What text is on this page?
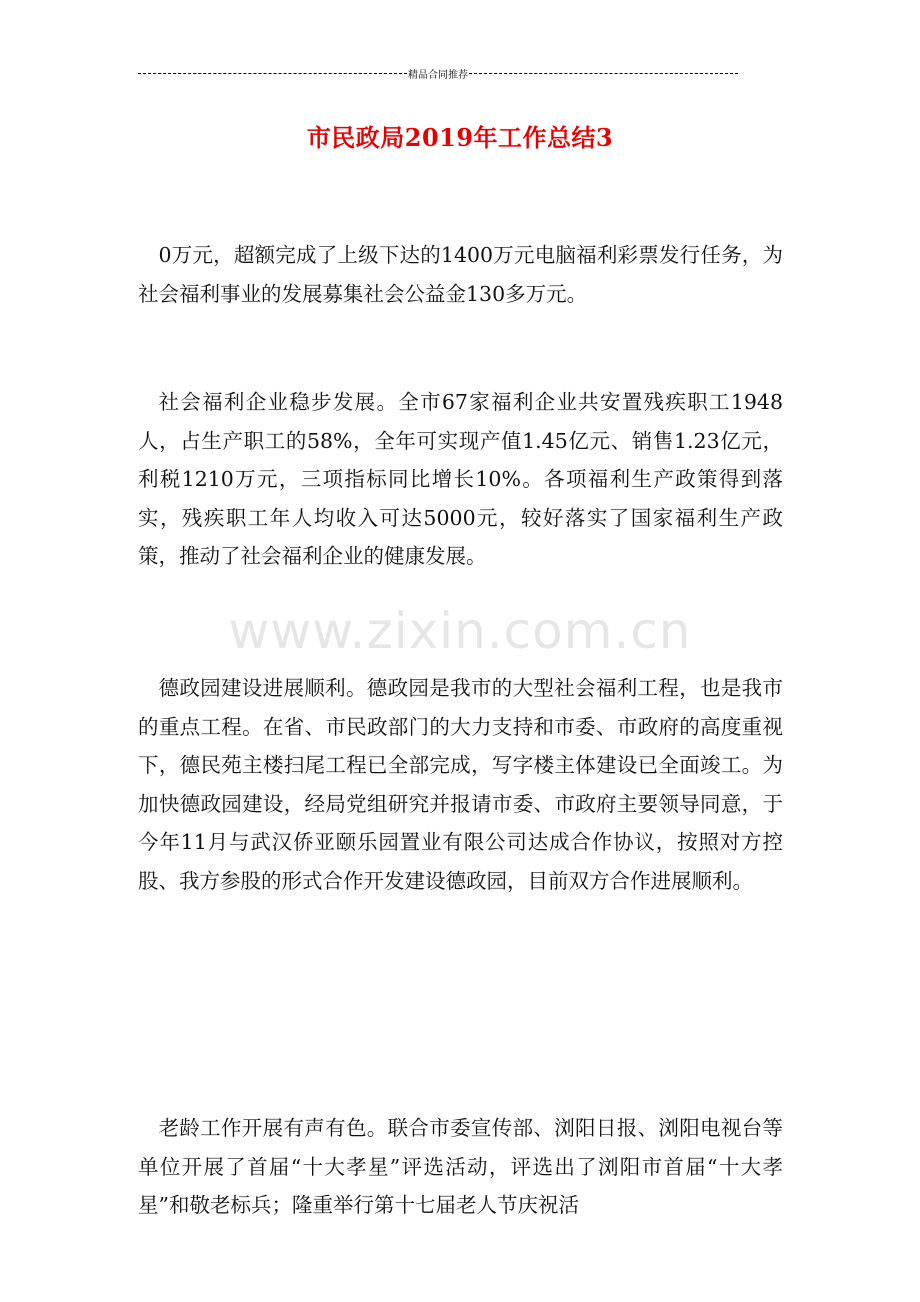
精品合同推荐
市民政局2019年工作总结3
www.zixin.com.cn

0万元，超额完成了上级下达的1400万元电脑福利彩票发行任务，为社会福利事业的发展募集社会公益金130多万元。

社会福利企业稳步发展。全市67家福利企业共安置残疾职工1948人，占生产职工的58%，全年可实现产值1.45亿元、销售1.23亿元，利税1210万元，三项指标同比增长10%。各项福利生产政策得到落实，残疾职工年人均收入可达5000元，较好落实了国家福利生产政策，推动了社会福利企业的健康发展。

德政园建设进展顺利。德政园是我市的大型社会福利工程，也是我市的重点工程。在省、市民政部门的大力支持和市委、市政府的高度重视下，德民苑主楼扫尾工程已全部完成，写字楼主体建设已全面竣工。为加快德政园建设，经局党组研究并报请市委、市政府主要领导同意，于今年11月与武汉侨亚颐乐园置业有限公司达成合作协议，按照对方控股、我方参股的形式合作开发建设德政园，目前双方合作进展顺利。

老龄工作开展有声有色。联合市委宣传部、浏阳日报、浏阳电视台等单位开展了首届“十大孝星”评选活动，评选出了浏阳市首届“十大孝星”和敬老标兵；隆重举行第十七届老人节庆祝活
